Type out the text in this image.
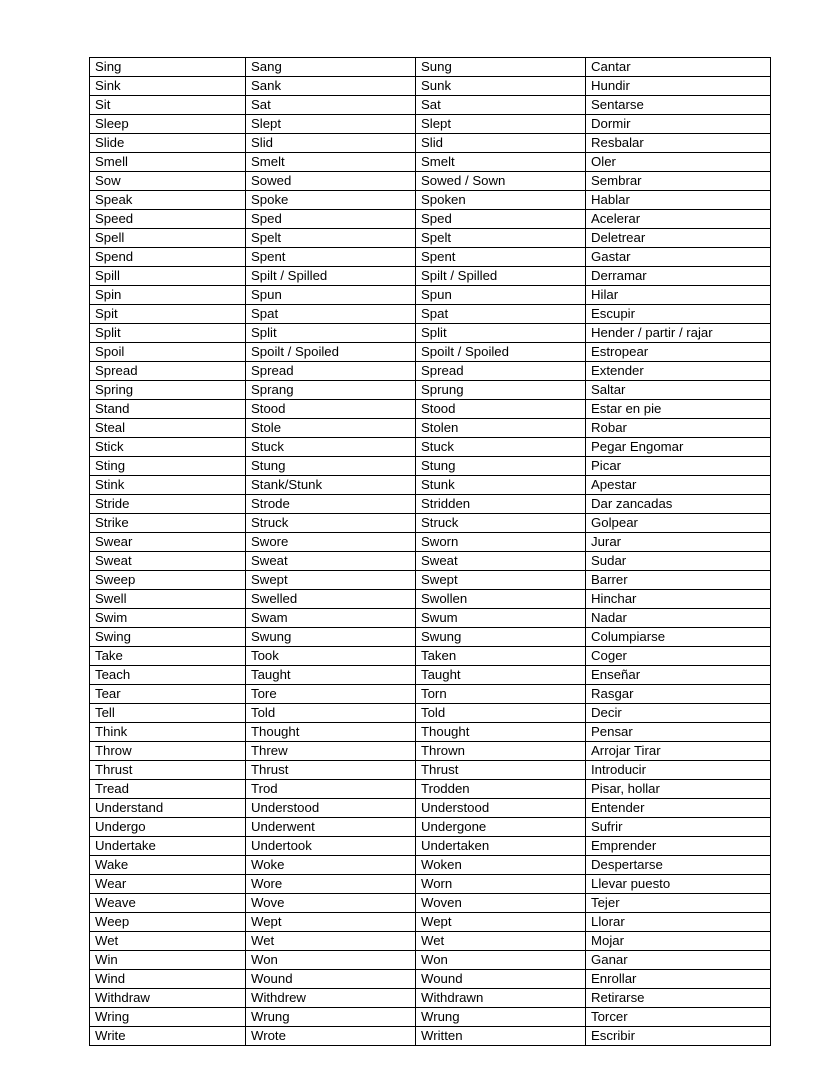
Sing	Sang	Sung	Cantar
Sink	Sank	Sunk	Hundir
Sit	Sat	Sat	Sentarse
Sleep	Slept	Slept	Dormir
Slide	Slid	Slid	Resbalar
Smell	Smelt	Smelt	Oler
Sow	Sowed	Sowed / Sown	Sembrar
Speak	Spoke	Spoken	Hablar
Speed	Sped	Sped	Acelerar
Spell	Spelt	Spelt	Deletrear
Spend	Spent	Spent	Gastar
Spill	Spilt / Spilled	Spilt / Spilled	Derramar
Spin	Spun	Spun	Hilar
Spit	Spat	Spat	Escupir
Split	Split	Split	Hender / partir / rajar
Spoil	Spoilt / Spoiled	Spoilt / Spoiled	Estropear
Spread	Spread	Spread	Extender
Spring	Sprang	Sprung	Saltar
Stand	Stood	Stood	Estar en pie
Steal	Stole	Stolen	Robar
Stick	Stuck	Stuck	Pegar Engomar
Sting	Stung	Stung	Picar
Stink	Stank/Stunk	Stunk	Apestar
Stride	Strode	Stridden	Dar zancadas
Strike	Struck	Struck	Golpear
Swear	Swore	Sworn	Jurar
Sweat	Sweat	Sweat	Sudar
Sweep	Swept	Swept	Barrer
Swell	Swelled	Swollen	Hinchar
Swim	Swam	Swum	Nadar
Swing	Swung	Swung	Columpiarse
Take	Took	Taken	Coger
Teach	Taught	Taught	Enseñar
Tear	Tore	Torn	Rasgar
Tell	Told	Told	Decir
Think	Thought	Thought	Pensar
Throw	Threw	Thrown	Arrojar Tirar
Thrust	Thrust	Thrust	Introducir
Tread	Trod	Trodden	Pisar, hollar
Understand	Understood	Understood	Entender
Undergo	Underwent	Undergone	Sufrir
Undertake	Undertook	Undertaken	Emprender
Wake	Woke	Woken	Despertarse
Wear	Wore	Worn	Llevar puesto
Weave	Wove	Woven	Tejer
Weep	Wept	Wept	Llorar
Wet	Wet	Wet	Mojar
Win	Won	Won	Ganar
Wind	Wound	Wound	Enrollar
Withdraw	Withdrew	Withdrawn	Retirarse
Wring	Wrung	Wrung	Torcer
Write	Wrote	Written	Escribir
